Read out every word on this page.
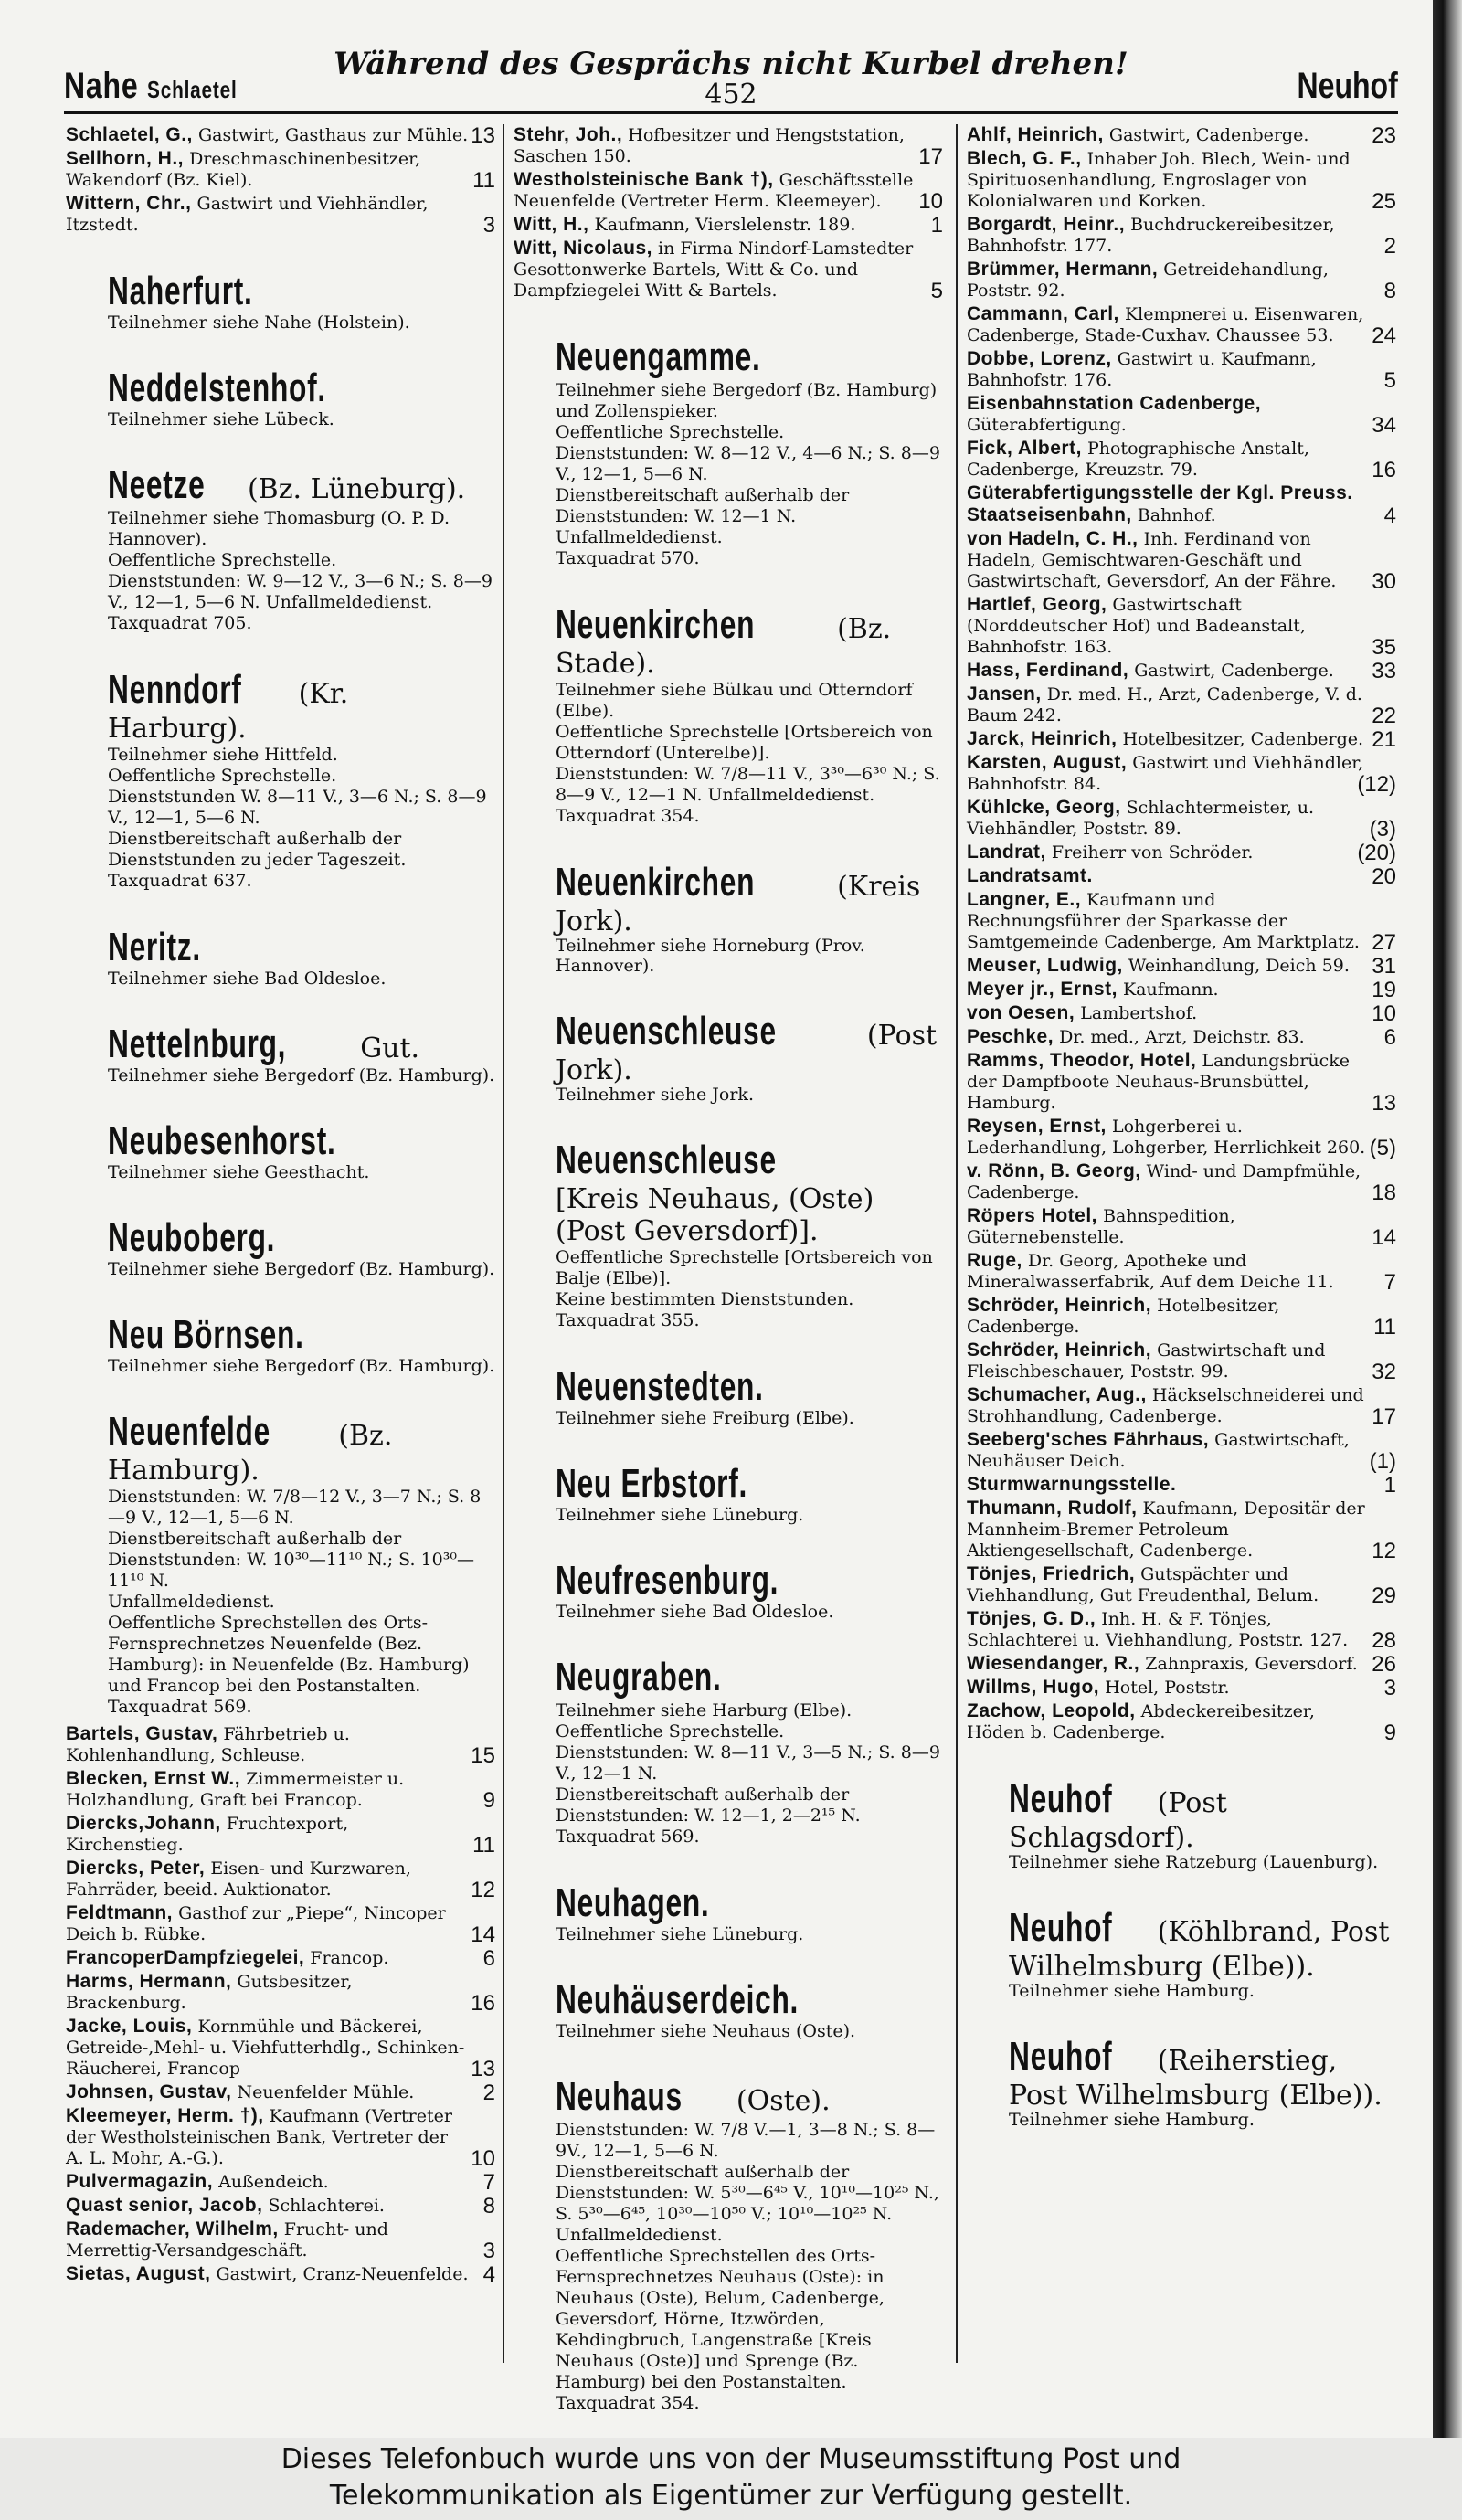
Nahe Schlaetel
Während des Gesprächs nicht Kurbel drehen!
452	Neuhof
Schlaetel, G., Gastwirt, Gasthaus zur Mühle. 13
Sellhorn, H., Dreschmaschinenbesitzer, Wakendorf (Bz. Kiel).	11
Wittern, Chr., Gastwirt und Viehhändler, Itzstedt.	3
Naherfurt.
Teilnehmer siehe Nahe (Holstein).
Neddelstenhof.
Teilnehmer siehe Lübeck.
Neetze (Bz. Lüneburg).
Teilnehmer siehe Thomasburg (O. P. D. Hannover).
Oeffentliche Sprechstelle.
Dienststunden: W. 9—12 V., 3—6 N.; S. 8—9 V., 12—1, 5—6 N. Unfallmeldedienst.
Taxquadrat 705.
Nenndorf (Kr. Harburg).
Teilnehmer siehe Hittfeld.
Oeffentliche Sprechstelle.
Dienststunden W. 8—11 V., 3—6 N.; S. 8—9 V., 12—1, 5—6 N.
Dienstbereitschaft außerhalb der Dienststunden zu jeder Tageszeit.
Taxquadrat 637.
Neritz.
Teilnehmer siehe Bad Oldesloe.
Nettelnburg,	Gut.
Teilnehmer siehe Bergedorf (Bz. Hamburg).
Neubesenhorst.
Teilnehmer siehe Geesthacht.
Neuboberg.
Teilnehmer siehe Bergedorf (Bz. Hamburg).
Neu Börnsen.
Teilnehmer siehe Bergedorf (Bz. Hamburg).
Neuenfelde (Bz. Hamburg).
Dienststunden: W. 7/8—12 V., 3—7 N.; S. 8—9 V., 12—1, 5—6 N.
Dienstbereitschaft außerhalb der Dienststunden: W. 10³⁰—11¹⁰ N.; S. 10³⁰—11¹⁰ N.
Unfallmeldedienst.
Oeffentliche Sprechstellen des Orts-Fernsprechnetzes Neuenfelde (Bez. Hamburg): in Neuenfelde (Bz. Hamburg) und Francop bei den Postanstalten.
Taxquadrat 569.
Bartels, Gustav, Fährbetrieb u. Kohlenhandlung, Schleuse.	15
Blecken, Ernst W., Zimmermeister u. Holzhandlung, Graft bei Francop.	9
Diercks,Johann, Fruchtexport, Kirchenstieg.	11
Diercks, Peter, Eisen- und Kurzwaren, Fahrräder, beeid. Auktionator.	12
Feldtmann, Gasthof zur „Piepe“, Nincoper Deich b. Rübke.	14
FrancoperDampfziegelei, Francop.	6
Harms, Hermann, Gutsbesitzer, Brackenburg.	16
Jacke, Louis, Kornmühle und Bäckerei, Getreide-,Mehl- u. Viehfutterhdlg., Schinken-Räucherei, Francop	13
Johnsen, Gustav, Neuenfelder Mühle.	2
Kleemeyer, Herm. †), Kaufmann (Vertreter der Westholsteinischen Bank, Vertreter der A. L. Mohr, A.-G.).	10
Pulvermagazin, Außendeich.	7
Quast senior, Jacob, Schlachterei.	8
Rademacher, Wilhelm, Frucht- und Merrettig-Versandgeschäft.	3
Sietas, August, Gastwirt, Cranz-Neuenfelde. 4
Stehr, Joh., Hofbesitzer und Hengststation, Saschen 150.	17
Westholsteinische Bank †), Geschäftsstelle Neuenfelde (Vertreter Herm. Kleemeyer).	10
Witt, H., Kaufmann, Vierslelenstr. 189.	1
Witt, Nicolaus, in Firma Nindorf-Lamstedter Gesottonwerke Bartels, Witt & Co. und Dampfziegelei Witt & Bartels.	5
Neuengamme.
Teilnehmer siehe Bergedorf (Bz. Hamburg) und Zollenspieker.
Oeffentliche Sprechstelle.
Dienststunden: W. 8—12 V., 4—6 N.; S. 8—9 V., 12—1, 5—6 N.
Dienstbereitschaft außerhalb der Dienststunden: W. 12—1 N. Unfallmeldedienst.
Taxquadrat 570.
Neuenkirchen	(Bz. Stade).
Teilnehmer siehe Bülkau und Otterndorf (Elbe).
Oeffentliche Sprechstelle [Ortsbereich von Otterndorf (Unterelbe)].
Dienststunden: W. 7/8—11 V., 3³⁰—6³⁰ N.; S. 8—9 V., 12—1 N. Unfallmeldedienst.
Taxquadrat 354.
Neuenkirchen	(Kreis Jork).
Teilnehmer siehe Horneburg (Prov. Hannover).
Neuenschleuse	(Post Jork).
Teilnehmer siehe Jork.
Neuenschleuse [Kreis Neuhaus, (Oste) (Post Geversdorf)].
Oeffentliche Sprechstelle [Ortsbereich von Balje (Elbe)].
Keine bestimmten Dienststunden.
Taxquadrat 355.
Neuenstedten.
Teilnehmer siehe Freiburg (Elbe).
Neu Erbstorf.
Teilnehmer siehe Lüneburg.
Neufresenburg.
Teilnehmer siehe Bad Oldesloe.
Neugraben.
Teilnehmer siehe Harburg (Elbe).
Oeffentliche Sprechstelle.
Dienststunden: W. 8—11 V., 3—5 N.; S. 8—9 V., 12—1 N.
Dienstbereitschaft außerhalb der Dienststunden: W. 12—1, 2—2¹⁵ N.
Taxquadrat 569.
Neuhagen.
Teilnehmer siehe Lüneburg.
Neuhäuserdeich.
Teilnehmer siehe Neuhaus (Oste).
Neuhaus (Oste).
Dienststunden: W. 7/8 V.—1, 3—8 N.; S. 8—9V., 12—1, 5—6 N.
Dienstbereitschaft außerhalb der Dienststunden: W. 5³⁰—6⁴⁵ V., 10¹⁰—10²⁵ N., S. 5³⁰—6⁴⁵, 10³⁰—10⁵⁰ V.; 10¹⁰—10²⁵ N. Unfallmeldedienst.
Oeffentliche Sprechstellen des Orts-Fernsprechnetzes Neuhaus (Oste): in Neuhaus (Oste), Belum, Cadenberge, Geversdorf, Hörne, Itzwörden, Kehdingbruch, Langenstraße [Kreis Neuhaus (Oste)] und Sprenge (Bz. Hamburg) bei den Postanstalten.
Taxquadrat 354.
Ahlf, Heinrich, Gastwirt, Cadenberge.	23
Blech, G. F., Inhaber Joh. Blech, Wein- und Spirituosenhandlung, Engroslager von Kolonialwaren und Korken.	25
Borgardt, Heinr., Buchdruckereibesitzer, Bahnhofstr. 177.	2
Brümmer, Hermann, Getreidehandlung, Poststr. 92.	8
Cammann, Carl, Klempnerei u. Eisenwaren, Cadenberge, Stade-Cuxhav. Chaussee 53.	24
Dobbe, Lorenz, Gastwirt u. Kaufmann, Bahnhofstr. 176.	5
Eisenbahnstation Cadenberge, Güterabfertigung.	34
Fick, Albert, Photographische Anstalt, Cadenberge, Kreuzstr. 79.	16
Güterabfertigungsstelle der Kgl. Preuss. Staatseisenbahn, Bahnhof.	4
von Hadeln, C. H., Inh. Ferdinand von Hadeln, Gemischtwaren-Geschäft und Gastwirtschaft, Geversdorf, An der Fähre.	30
Hartlef, Georg, Gastwirtschaft (Norddeutscher Hof) und Badeanstalt, Bahnhofstr. 163.	35
Hass, Ferdinand, Gastwirt, Cadenberge.	33
Jansen, Dr. med. H., Arzt, Cadenberge, V. d. Baum 242.	22
Jarck, Heinrich, Hotelbesitzer, Cadenberge. 21
Karsten, August, Gastwirt und Viehhändler, Bahnhofstr. 84.	(12)
Kühlcke, Georg, Schlachtermeister, u. Viehhändler, Poststr. 89.	(3)
Landrat, Freiherr von Schröder.	(20)
Landratsamt.	20
Langner, E., Kaufmann und Rechnungsführer der Sparkasse der Samtgemeinde Cadenberge, Am Marktplatz. 27
Meuser, Ludwig, Weinhandlung, Deich 59.	31
Meyer jr., Ernst, Kaufmann.	19
von Oesen, Lambertshof.	10
Peschke, Dr. med., Arzt, Deichstr. 83.	6
Ramms, Theodor, Hotel, Landungsbrücke der Dampfboote Neuhaus-Brunsbüttel, Hamburg.	13
Reysen, Ernst, Lohgerberei u. Lederhandlung, Lohgerber, Herrlichkeit 260. (5)
v. Rönn, B. Georg, Wind- und Dampfmühle, Cadenberge.	18
Röpers Hotel, Bahnspedition, Güternebenstelle.	14
Ruge, Dr. Georg, Apotheke und Mineralwasserfabrik, Auf dem Deiche 11.	7
Schröder, Heinrich, Hotelbesitzer, Cadenberge.	11
Schröder, Heinrich, Gastwirtschaft und Fleischbeschauer, Poststr. 99.	32
Schumacher, Aug., Häckselschneiderei und Strohhandlung, Cadenberge.	17
Seeberg'sches Fährhaus, Gastwirtschaft, Neuhäuser Deich.	(1)
Sturmwarnungsstelle.	1
Thumann, Rudolf, Kaufmann, Depositär der Mannheim-Bremer Petroleum Aktiengesellschaft, Cadenberge.	12
Tönjes, Friedrich, Gutspächter und Viehhandlung, Gut Freudenthal, Belum.	29
Tönjes, G. D., Inh. H. & F. Tönjes, Schlachterei u. Viehhandlung, Poststr. 127.	28
Wiesendanger, R., Zahnpraxis, Geversdorf. 26
Willms, Hugo, Hotel, Poststr.	3
Zachow, Leopold, Abdeckereibesitzer, Höden b. Cadenberge.	9
Neuhof (Post Schlagsdorf).
Teilnehmer siehe Ratzeburg (Lauenburg).
Neuhof (Köhlbrand, Post Wilhelmsburg (Elbe)).
Teilnehmer siehe Hamburg.
Neuhof (Reiherstieg, Post Wilhelmsburg (Elbe)).
Teilnehmer siehe Hamburg.
Dieses Telefonbuch wurde uns von der Museumsstiftung Post und
Telekommunikation als Eigentümer zur Verfügung gestellt.
